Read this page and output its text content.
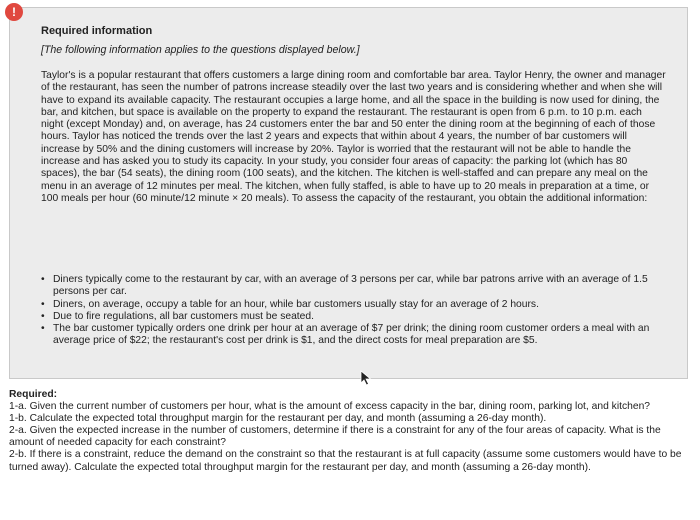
!

Required information

[The following information applies to the questions displayed below.]

Taylor's is a popular restaurant that offers customers a large dining room and comfortable bar area. Taylor Henry, the owner and manager of the restaurant, has seen the number of patrons increase steadily over the last two years and is considering whether and when she will have to expand its available capacity. The restaurant occupies a large home, and all the space in the building is now used for dining, the bar, and kitchen, but space is available on the property to expand the restaurant. The restaurant is open from 6 p.m. to 10 p.m. each night (except Monday) and, on average, has 24 customers enter the bar and 50 enter the dining room at the beginning of each of those hours. Taylor has noticed the trends over the last 2 years and expects that within about 4 years, the number of bar customers will increase by 50% and the dining customers will increase by 20%. Taylor is worried that the restaurant will not be able to handle the increase and has asked you to study its capacity. In your study, you consider four areas of capacity: the parking lot (which has 80 spaces), the bar (54 seats), the dining room (100 seats), and the kitchen. The kitchen is well-staffed and can prepare any meal on the menu in an average of 12 minutes per meal. The kitchen, when fully staffed, is able to have up to 20 meals in preparation at a time, or 100 meals per hour (60 minute/12 minute × 20 meals). To assess the capacity of the restaurant, you obtain the additional information:

• Diners typically come to the restaurant by car, with an average of 3 persons per car, while bar patrons arrive with an average of 1.5 persons per car.
• Diners, on average, occupy a table for an hour, while bar customers usually stay for an average of 2 hours.
• Due to fire regulations, all bar customers must be seated.
• The bar customer typically orders one drink per hour at an average of $7 per drink; the dining room customer orders a meal with an average price of $22; the restaurant's cost per drink is $1, and the direct costs for meal preparation are $5.

Required:

1-a. Given the current number of customers per hour, what is the amount of excess capacity in the bar, dining room, parking lot, and kitchen?

1-b. Calculate the expected total throughput margin for the restaurant per day, and month (assuming a 26-day month).

2-a. Given the expected increase in the number of customers, determine if there is a constraint for any of the four areas of capacity. What is the amount of needed capacity for each constraint?

2-b. If there is a constraint, reduce the demand on the constraint so that the restaurant is at full capacity (assume some customers would have to be turned away). Calculate the expected total throughput margin for the restaurant per day, and month (assuming a 26-day month).
